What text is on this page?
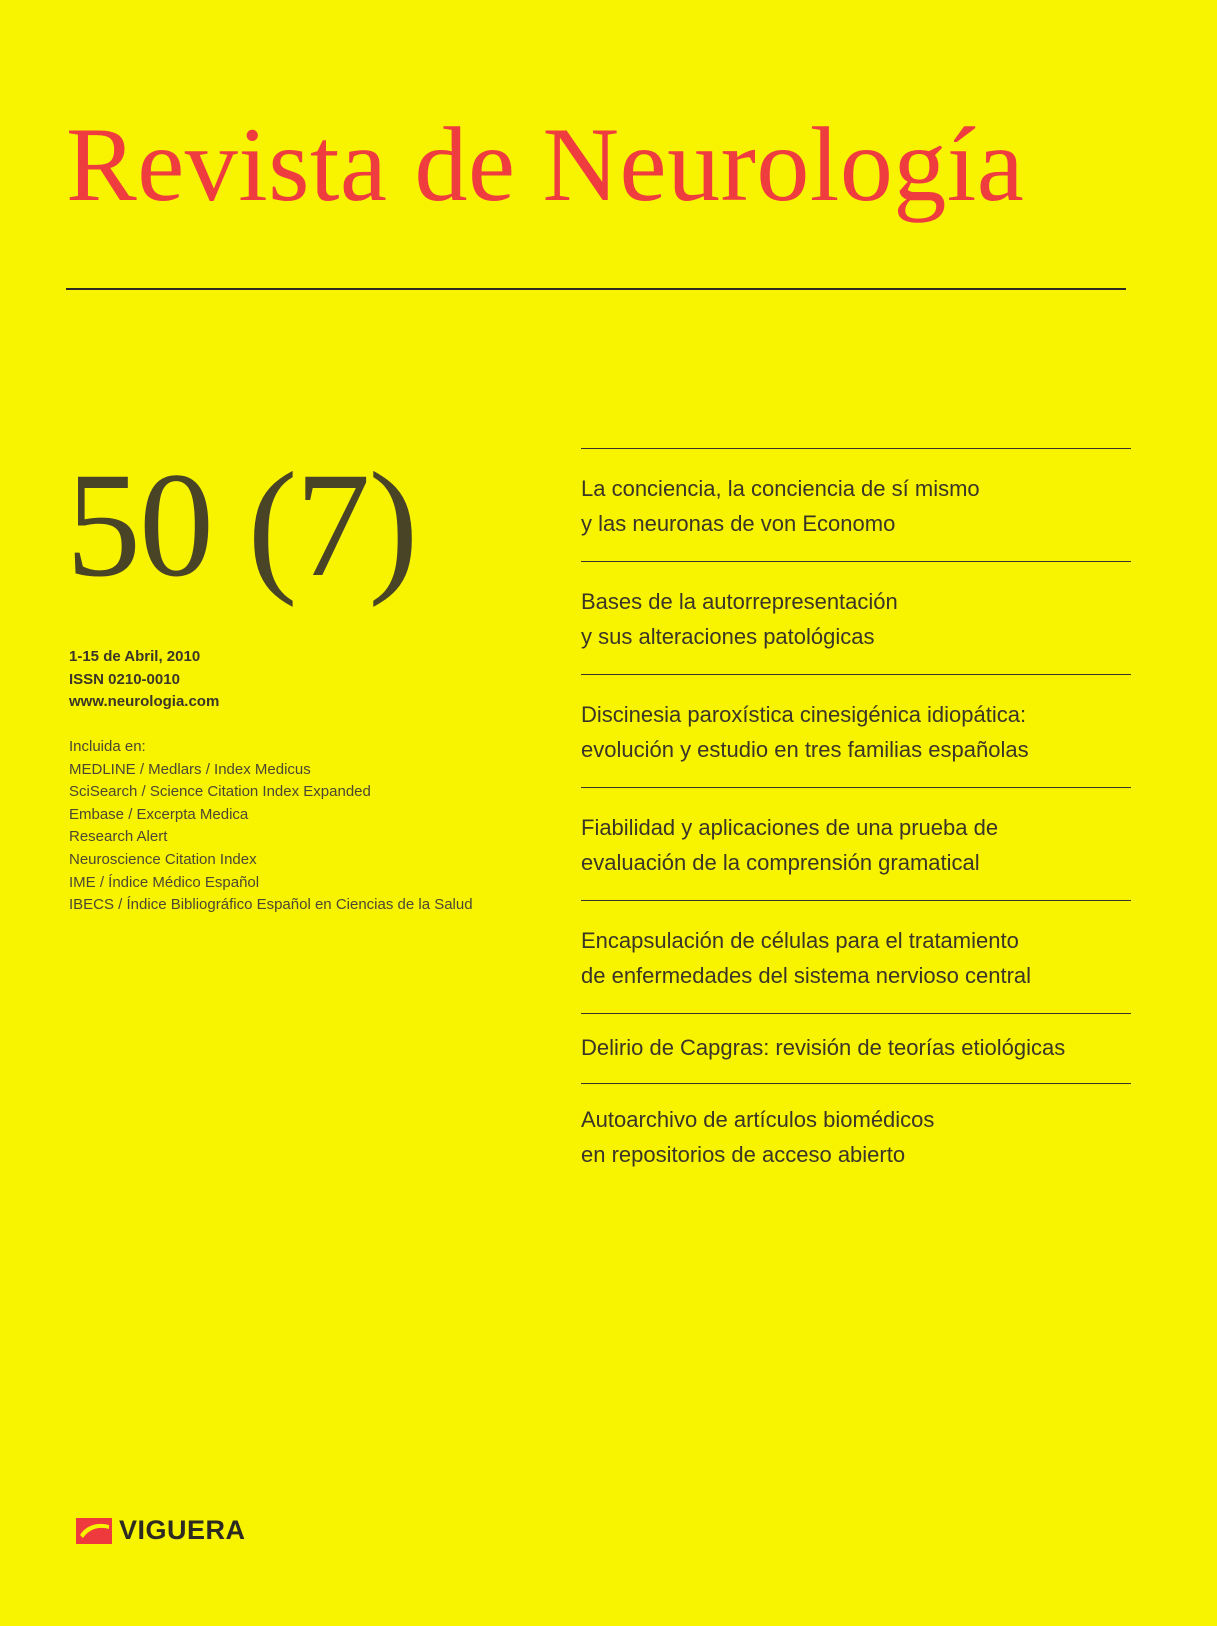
Revista de Neurología
50 (7)
1-15 de Abril, 2010
ISSN 0210-0010
www.neurologia.com
Incluida en:
MEDLINE / Medlars / Index Medicus
SciSearch / Science Citation Index Expanded
Embase / Excerpta Medica
Research Alert
Neuroscience Citation Index
IME / Índice Médico Español
IBECS / Índice Bibliográfico Español en Ciencias de la Salud
La conciencia, la conciencia de sí mismo
y las neuronas de von Economo
Bases de la autorrepresentación
y sus alteraciones patológicas
Discinesia paroxística cinesigénica idiopática:
evolución y estudio en tres familias españolas
Fiabilidad y aplicaciones de una prueba de
evaluación de la comprensión gramatical
Encapsulación de células para el tratamiento
de enfermedades del sistema nervioso central
Delirio de Capgras: revisión de teorías etiológicas
Autoarchivo de artículos biomédicos
en repositorios de acceso abierto
VIGUERA
